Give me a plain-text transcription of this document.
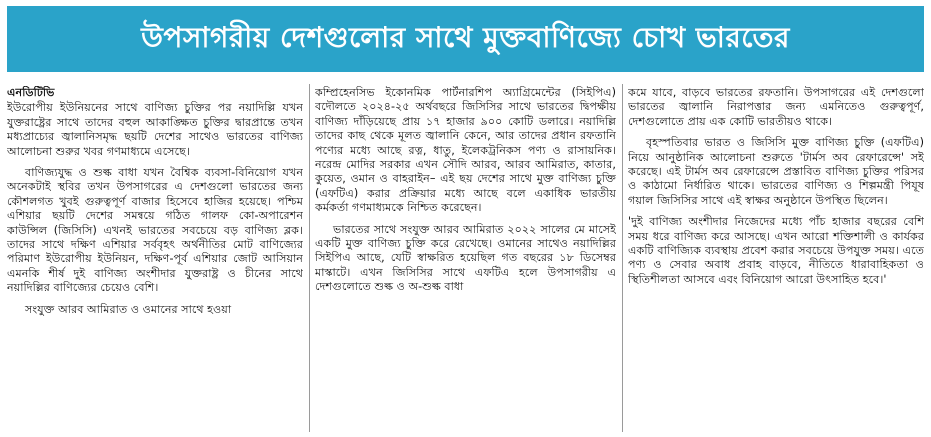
উপসাগরীয় দেশগুলোর সাথে মুক্তবাণিজ্যে চোখ ভারতের
এনডিটিভি

ইউরোপীয় ইউনিয়নের সাথে বাণিজ্য চুক্তির পর নয়াদিল্লি যখন যুক্তরাষ্ট্রের সাথে তাদের বহুল আকাঙ্ক্ষিত চুক্তির দ্বারপ্রান্তে তখন মধ্যপ্রাচ্যের জ্বালানিসমৃদ্ধ ছয়টি দেশের সাথেও ভারতের বাণিজ্য আলোচনা শুরুর খবর গণমাধ্যমে এসেছে।

বাণিজ্যযুদ্ধ ও শুল্ক বাধা যখন বৈশ্বিক ব্যবসা-বিনিয়োগ যখন অনেকটাই স্থবির তখন উপসাগরের এ দেশগুলো ভারতের জন্য কৌশলগত খুবই গুরুত্বপূর্ণ বাজার হিসেবে হাজির হয়েছে। পশ্চিম এশিয়ার ছয়টি দেশের সমন্বয়ে গঠিত গালফ কো-অপারেশন কাউন্সিল (জিসিসি) এখনই ভারতের সবচেয়ে বড় বাণিজ্য ব্লক। তাদের সাথে দক্ষিণ এশিয়ার সর্ববৃহৎ অর্থনীতির মোট বাণিজ্যের পরিমাণ ইউরোপীয় ইউনিয়ন, দক্ষিণ-পূর্ব এশিয়ার জোট আসিয়ান এমনকি শীর্ষ দুই বাণিজ্য অংশীদার যুক্তরাষ্ট্র ও চীনের সাথে নয়াদিল্লির বাণিজ্যের চেয়েও বেশি।

সংযুক্ত আরব আমিরাত ও ওমানের সাথে হওয়া

কম্প্রিহেনসিভ ইকোনমিক পার্টনারশিপ অ্যাগ্রিমেন্টের (সিইপিএ) বদৌলতে ২০২৪-২৫ অর্থবছরে জিসিসির সাথে ভারতের দ্বিপক্ষীয় বাণিজ্য দাঁড়িয়েছে প্রায় ১৭ হাজার ৯০০ কোটি ডলারে। নয়াদিল্লি তাদের কাছ থেকে মূলত জ্বালানি কেনে, আর তাদের প্রধান রফতানি পণ্যের মধ্যে আছে রত্ন, ধাতু, ইলেকট্রনিকস পণ্য ও রাসায়নিক। নরেন্দ্র মোদির সরকার এখন সৌদি আরব, আরব আমিরাত, কাতার, কুয়েত, ওমান ও বাহরাইন– এই ছয় দেশের সাথে মুক্ত বাণিজ্য চুক্তি (এফটিএ) করার প্রক্রিয়ার মধ্যে আছে বলে একাধিক ভারতীয় কর্মকর্তা গণমাধ্যমকে নিশ্চিত করেছেন।

ভারতের সাথে সংযুক্ত আরব আমিরাত ২০২২ সালের মে মাসেই একটি মুক্ত বাণিজ্য চুক্তি করে রেখেছে। ওমানের সাথেও নয়াদিল্লির সিইপিএ আছে, যেটি স্বাক্ষরিত হয়েছিল গত বছরের ১৮ ডিসেম্বর মাস্কাটে। এখন জিসিসির সাথে এফটিএ হলে উপসাগরীয় এ দেশগুলোতে শুল্ক ও অ-শুল্ক বাধা

কমে যাবে, বাড়বে ভারতের রফতানি। উপসাগরের এই দেশগুলো ভারতের জ্বালানি নিরাপত্তার জন্য এমনিতেও গুরুত্বপূর্ণ, দেশগুলোতে প্রায় এক কোটি ভারতীয়ও থাকে।

বৃহস্পতিবার ভারত ও জিসিসি মুক্ত বাণিজ্য চুক্তি (এফটিএ) নিয়ে আনুষ্ঠানিক আলোচনা শুরুতে 'টার্মস অব রেফারেন্সে' সই করেছে। এই টার্মস অব রেফারেন্সে প্রস্তাবিত বাণিজ্য চুক্তির পরিসর ও কাঠামো নির্ধারিত থাকে। ভারতের বাণিজ্য ও শিল্পমন্ত্রী পিযূষ গয়াল জিসিসির সাথে এই স্বাক্ষর অনুষ্ঠানে উপস্থিত ছিলেন।

'দুই বাণিজ্য অংশীদার নিজেদের মধ্যে পাঁচ হাজার বছরের বেশি সময় ধরে বাণিজ্য করে আসছে। এখন আরো শক্তিশালী ও কার্যকর একটি বাণিজ্যিক ব্যবস্থায় প্রবেশ করার সবচেয়ে উপযুক্ত সময়। এতে পণ্য ও সেবার অবাধ প্রবাহ বাড়বে, নীতিতে ধারাবাহিকতা ও স্থিতিশীলতা আসবে এবং বিনিয়োগ আরো উৎসাহিত হবে।'
